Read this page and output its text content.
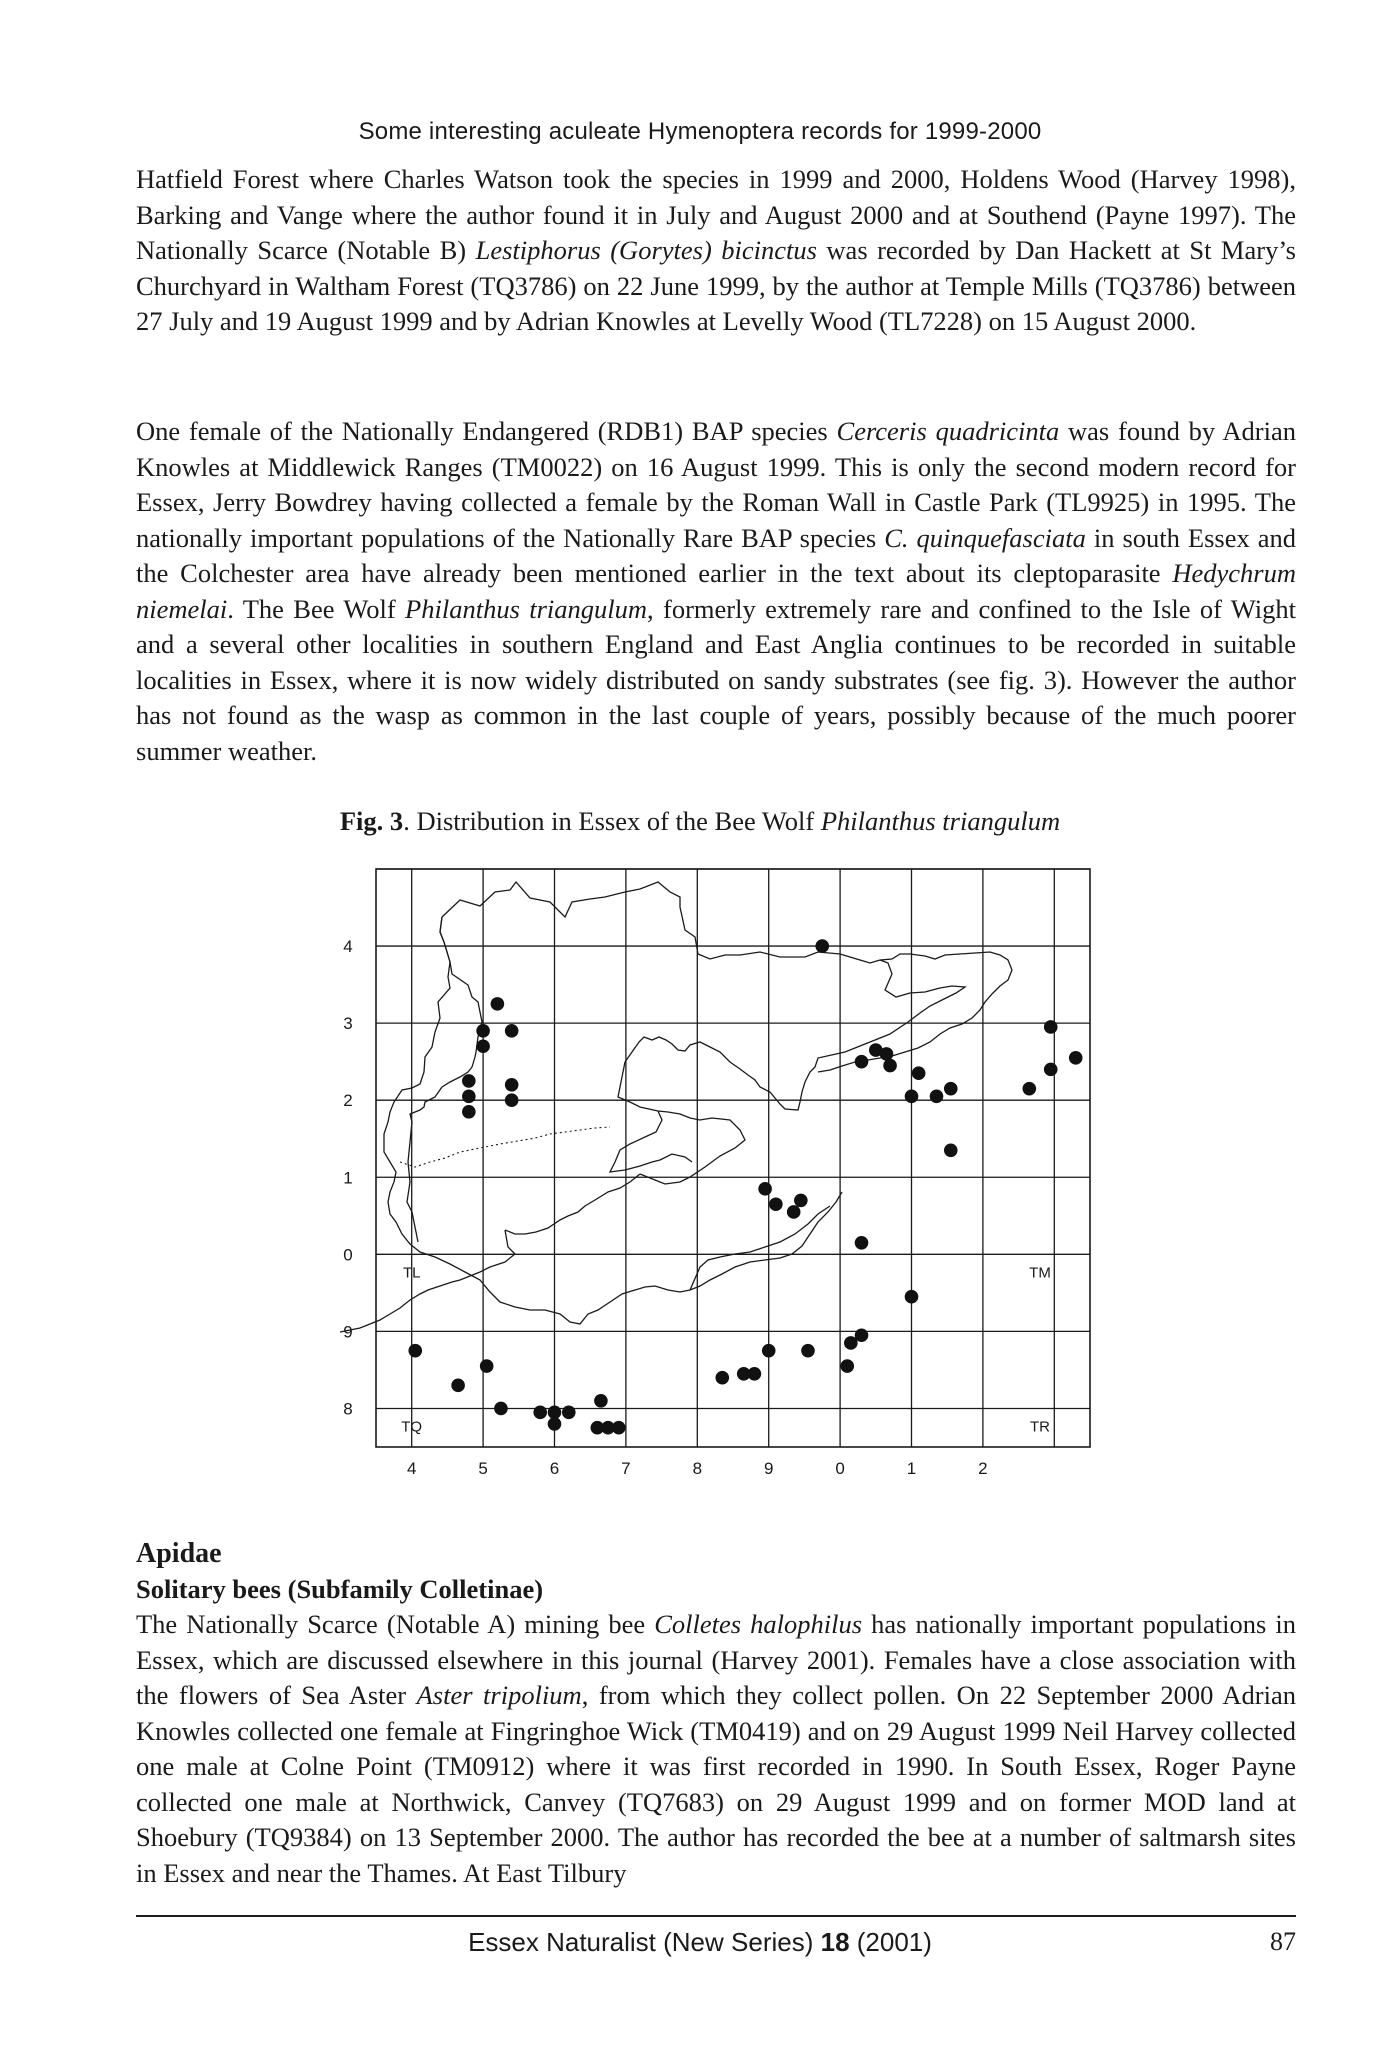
Some interesting aculeate Hymenoptera records for 1999-2000

Hatfield Forest where Charles Watson took the species in 1999 and 2000, Holdens Wood (Harvey 1998), Barking and Vange where the author found it in July and August 2000 and at Southend (Payne 1997). The Nationally Scarce (Notable B) Lestiphorus (Gorytes) bicinctus was recorded by Dan Hackett at St Mary’s Churchyard in Waltham Forest (TQ3786) on 22 June 1999, by the author at Temple Mills (TQ3786) between 27 July and 19 August 1999 and by Adrian Knowles at Levelly Wood (TL7228) on 15 August 2000.

One female of the Nationally Endangered (RDB1) BAP species Cerceris quadricinta was found by Adrian Knowles at Middlewick Ranges (TM0022) on 16 August 1999. This is only the second modern record for Essex, Jerry Bowdrey having collected a female by the Roman Wall in Castle Park (TL9925) in 1995. The nationally important populations of the Nationally Rare BAP species C. quinquefasciata in south Essex and the Colchester area have already been mentioned earlier in the text about its cleptoparasite Hedychrum niemelai. The Bee Wolf Philanthus triangulum, formerly extremely rare and confined to the Isle of Wight and a several other localities in southern England and East Anglia continues to be recorded in suitable localities in Essex, where it is now widely distributed on sandy substrates (see fig. 3). However the author has not found as the wasp as common in the last couple of years, possibly because of the much poorer summer weather.

Fig. 3. Distribution in Essex of the Bee Wolf Philanthus triangulum
4	5	6	7	8	9	0	1	2
4
3
2
1
0
9
8
TL	TM
TQ	TR
Apidae
Solitary bees (Subfamily Colletinae)

The Nationally Scarce (Notable A) mining bee Colletes halophilus has nationally important populations in Essex, which are discussed elsewhere in this journal (Harvey 2001). Females have a close association with the flowers of Sea Aster Aster tripolium, from which they collect pollen. On 22 September 2000 Adrian Knowles collected one female at Fingringhoe Wick (TM0419) and on 29 August 1999 Neil Harvey collected one male at Colne Point (TM0912) where it was first recorded in 1990. In South Essex, Roger Payne collected one male at Northwick, Canvey (TQ7683) on 29 August 1999 and on former MOD land at Shoebury (TQ9384) on 13 September 2000. The author has recorded the bee at a number of saltmarsh sites in Essex and near the Thames. At East Tilbury

Essex Naturalist (New Series) 18 (2001)	87
